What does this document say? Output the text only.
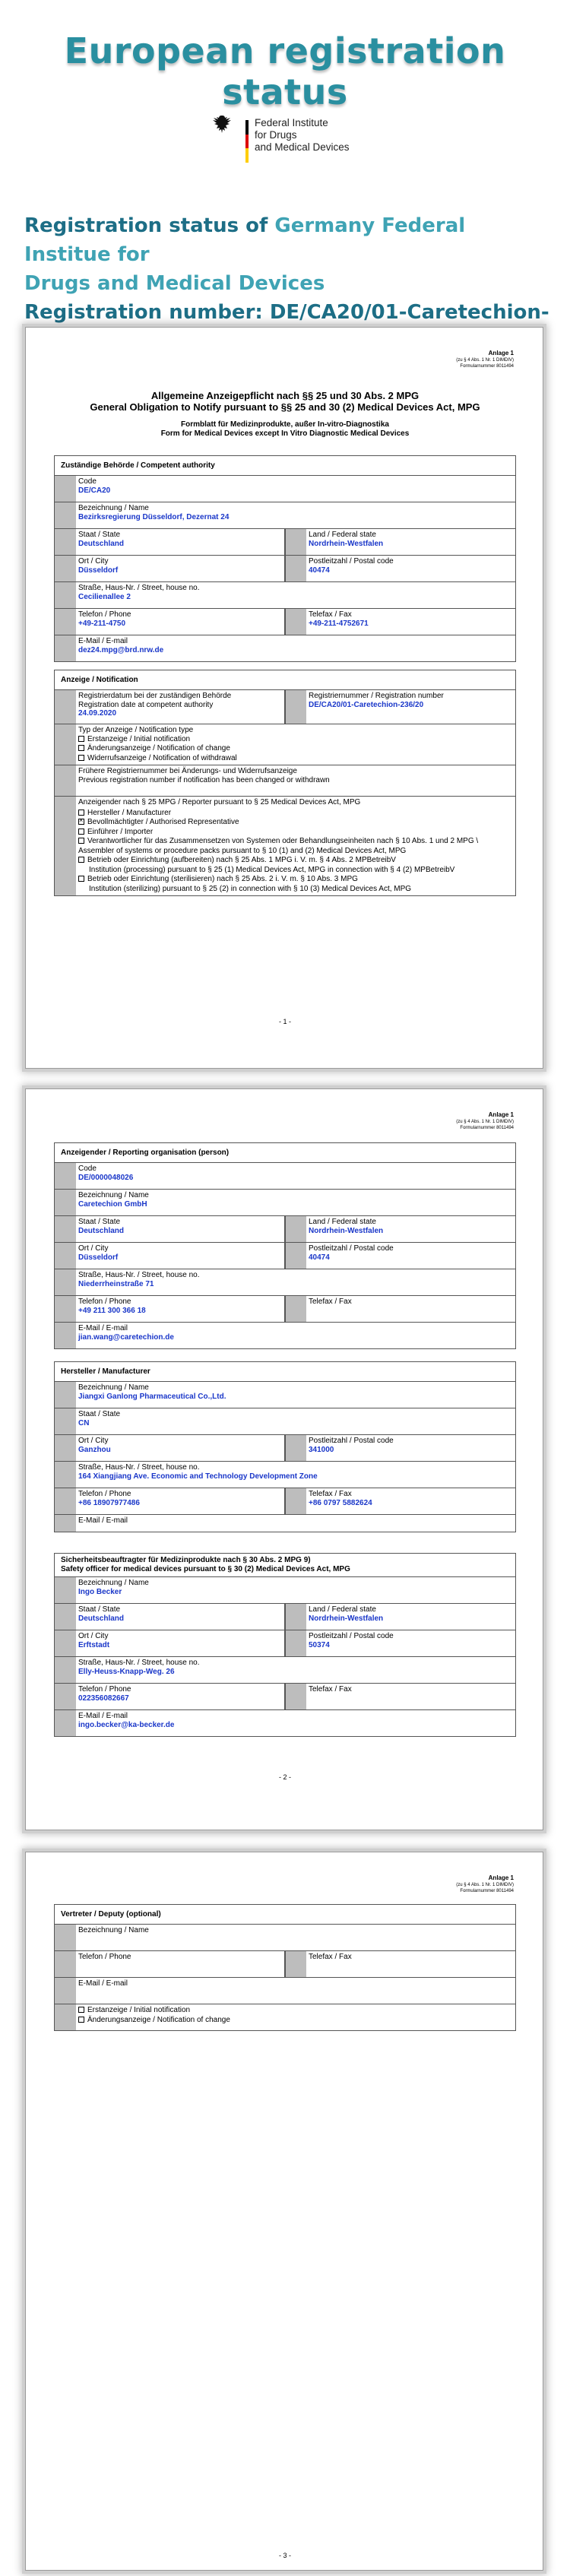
European registration status
Federal Institute
for Drugs
and Medical Devices
Registration status of Germany Federal Institue for
Drugs and Medical Devices
Registration number: DE/CA20/01-Caretechion-
Anlage 1
(zu § 4 Abs. 1 Nr. 1 DIMDIV)
Formularnummer 8011494
Allgemeine Anzeigepflicht nach §§ 25 und 30 Abs. 2 MPG
General Obligation to Notify pursuant to §§ 25 and 30 (2) Medical Devices Act, MPG
Formblatt für Medizinprodukte, außer In-vitro-Diagnostika
Form for Medical Devices except In Vitro Diagnostic Medical Devices
Zuständige Behörde / Competent authority
Code
DE/CA20
Bezeichnung / Name
Bezirksregierung Düsseldorf, Dezernat 24
Staat / State
Deutschland
Land / Federal state
Nordrhein-Westfalen
Ort / City
Düsseldorf
Postleitzahl / Postal code
40474
Straße, Haus-Nr. / Street, house no.
Cecilienallee 2
Telefon / Phone
+49-211-4750
Telefax / Fax
+49-211-4752671
E-Mail / E-mail
dez24.mpg@brd.nrw.de
Anzeige / Notification
Registrierdatum bei der zuständigen Behörde
Registration date at competent authority
24.09.2020
Registriernummer / Registration number
DE/CA20/01-Caretechion-236/20
Typ der Anzeige / Notification type
Erstanzeige / Initial notification
Änderungsanzeige / Notification of change
Widerrufsanzeige / Notification of withdrawal
Frühere Registriernummer bei Änderungs- und Widerrufsanzeige
Previous registration number if notification has been changed or withdrawn
Anzeigender nach § 25 MPG / Reporter pursuant to § 25 Medical Devices Act, MPG
Hersteller / Manufacturer
×Bevollmächtigter / Authorised Representative
Einführer / Importer
Verantwortlicher für das Zusammensetzen von Systemen oder Behandlungseinheiten nach § 10 Abs. 1 und 2 MPG \ Assembler of systems or procedure packs pursuant to § 10 (1) and (2) Medical Devices Act, MPG
Betrieb oder Einrichtung (aufbereiten) nach § 25 Abs. 1 MPG i. V. m. § 4 Abs. 2 MPBetreibV
Institution (processing) pursuant to § 25 (1) Medical Devices Act, MPG in connection with § 4 (2) MPBetreibV
Betrieb oder Einrichtung (sterilisieren) nach § 25 Abs. 2 i. V. m. § 10 Abs. 3 MPG
Institution (sterilizing) pursuant to § 25 (2) in connection with § 10 (3) Medical Devices Act, MPG
- 1 -
Anlage 1
(zu § 4 Abs. 1 Nr. 1 DIMDIV)
Formularnummer 8011494
Anzeigender / Reporting organisation (person)
Code
DE/0000048026
Bezeichnung / Name
Caretechion GmbH
Staat / State
Deutschland
Land / Federal state
Nordrhein-Westfalen
Ort / City
Düsseldorf
Postleitzahl / Postal code
40474
Straße, Haus-Nr. / Street, house no.
Niederrheinstraße 71
Telefon / Phone
+49 211 300 366 18
Telefax / Fax
E-Mail / E-mail
jian.wang@caretechion.de
Hersteller / Manufacturer
Bezeichnung / Name
Jiangxi Ganlong Pharmaceutical Co.,Ltd.
Staat / State
CN
Ort / City
Ganzhou
Postleitzahl / Postal code
341000
Straße, Haus-Nr. / Street, house no.
164 Xiangjiang Ave. Economic and Technology Development Zone
Telefon / Phone
+86 18907977486
Telefax / Fax
+86 0797 5882624
E-Mail / E-mail
Sicherheitsbeauftragter für Medizinprodukte nach § 30 Abs. 2 MPG 9)
Safety officer for medical devices pursuant to § 30 (2) Medical Devices Act, MPG
Bezeichnung / Name
Ingo Becker
Staat / State
Deutschland
Land / Federal state
Nordrhein-Westfalen
Ort / City
Erftstadt
Postleitzahl / Postal code
50374
Straße, Haus-Nr. / Street, house no.
Elly-Heuss-Knapp-Weg. 26
Telefon / Phone
022356082667
Telefax / Fax
E-Mail / E-mail
ingo.becker@ka-becker.de
- 2 -
Anlage 1
(zu § 4 Abs. 1 Nr. 1 DIMDIV)
Formularnummer 8011494
Vertreter / Deputy (optional)
Bezeichnung / Name
Telefon / Phone	Telefax / Fax
E-Mail / E-mail
Erstanzeige / Initial notification
Änderungsanzeige / Notification of change
- 3 -
